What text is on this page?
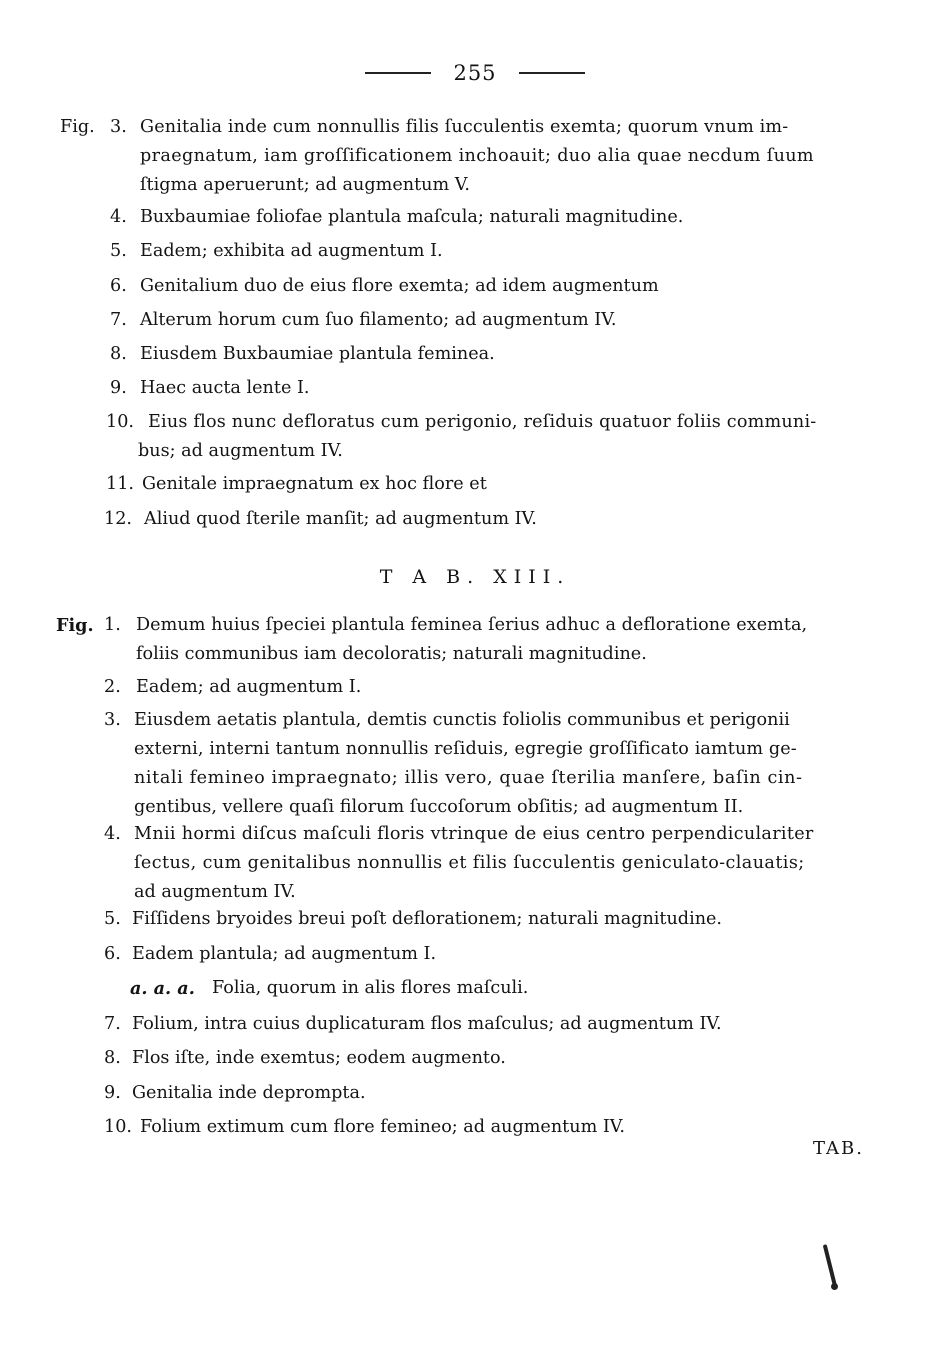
255
Fig. 3. Genitalia inde cum nonnullis filis ſucculentis exemta; quorum vnum im-
praegnatum, iam groſſificationem inchoauit; duo alia quae necdum ſuum
ſtigma aperuerunt; ad augmentum V.
4. Buxbaumiae foliofae plantula maſcula; naturali magnitudine.
5. Eadem; exhibita ad augmentum I.
6. Genitalium duo de eius flore exemta; ad idem augmentum
7. Alterum horum cum ſuo filamento; ad augmentum IV.
8. Eiusdem Buxbaumiae plantula feminea.
9. Haec aucta lente I.
10. Eius flos nunc defloratus cum perigonio, reſiduis quatuor foliis communi-
bus; ad augmentum IV.
11. Genitale impraegnatum ex hoc flore et
12. Aliud quod ſterile manſit; ad augmentum IV.
T A B. XIII.
Fig. 1. Demum huius ſpeciei plantula feminea ſerius adhuc a defloratione exemta,
foliis communibus iam decoloratis; naturali magnitudine.
2. Eadem; ad augmentum I.
3. Eiusdem aetatis plantula, demtis cunctis foliolis communibus et perigonii
externi, interni tantum nonnullis reſiduis, egregie groſſificato iamtum ge-
nitali femineo impraegnato; illis vero, quae ſterilia manſere, baſin cin-
gentibus, vellere quaſi filorum ſuccoſorum obſitis; ad augmentum II.
4. Mnii hormi diſcus maſculi floris vtrinque de eius centro perpendiculariter
ſectus, cum genitalibus nonnullis et filis ſucculentis geniculato-clauatis;
ad augmentum IV.
5. Fiſſidens bryoides breui poſt deflorationem; naturali magnitudine.
6. Eadem plantula; ad augmentum I.
a. a. a. Folia, quorum in alis flores maſculi.
7. Folium, intra cuius duplicaturam flos maſculus; ad augmentum IV.
8. Flos iſte, inde exemtus; eodem augmento.
9. Genitalia inde deprompta.
10. Folium extimum cum flore femineo; ad augmentum IV.
TAB.
